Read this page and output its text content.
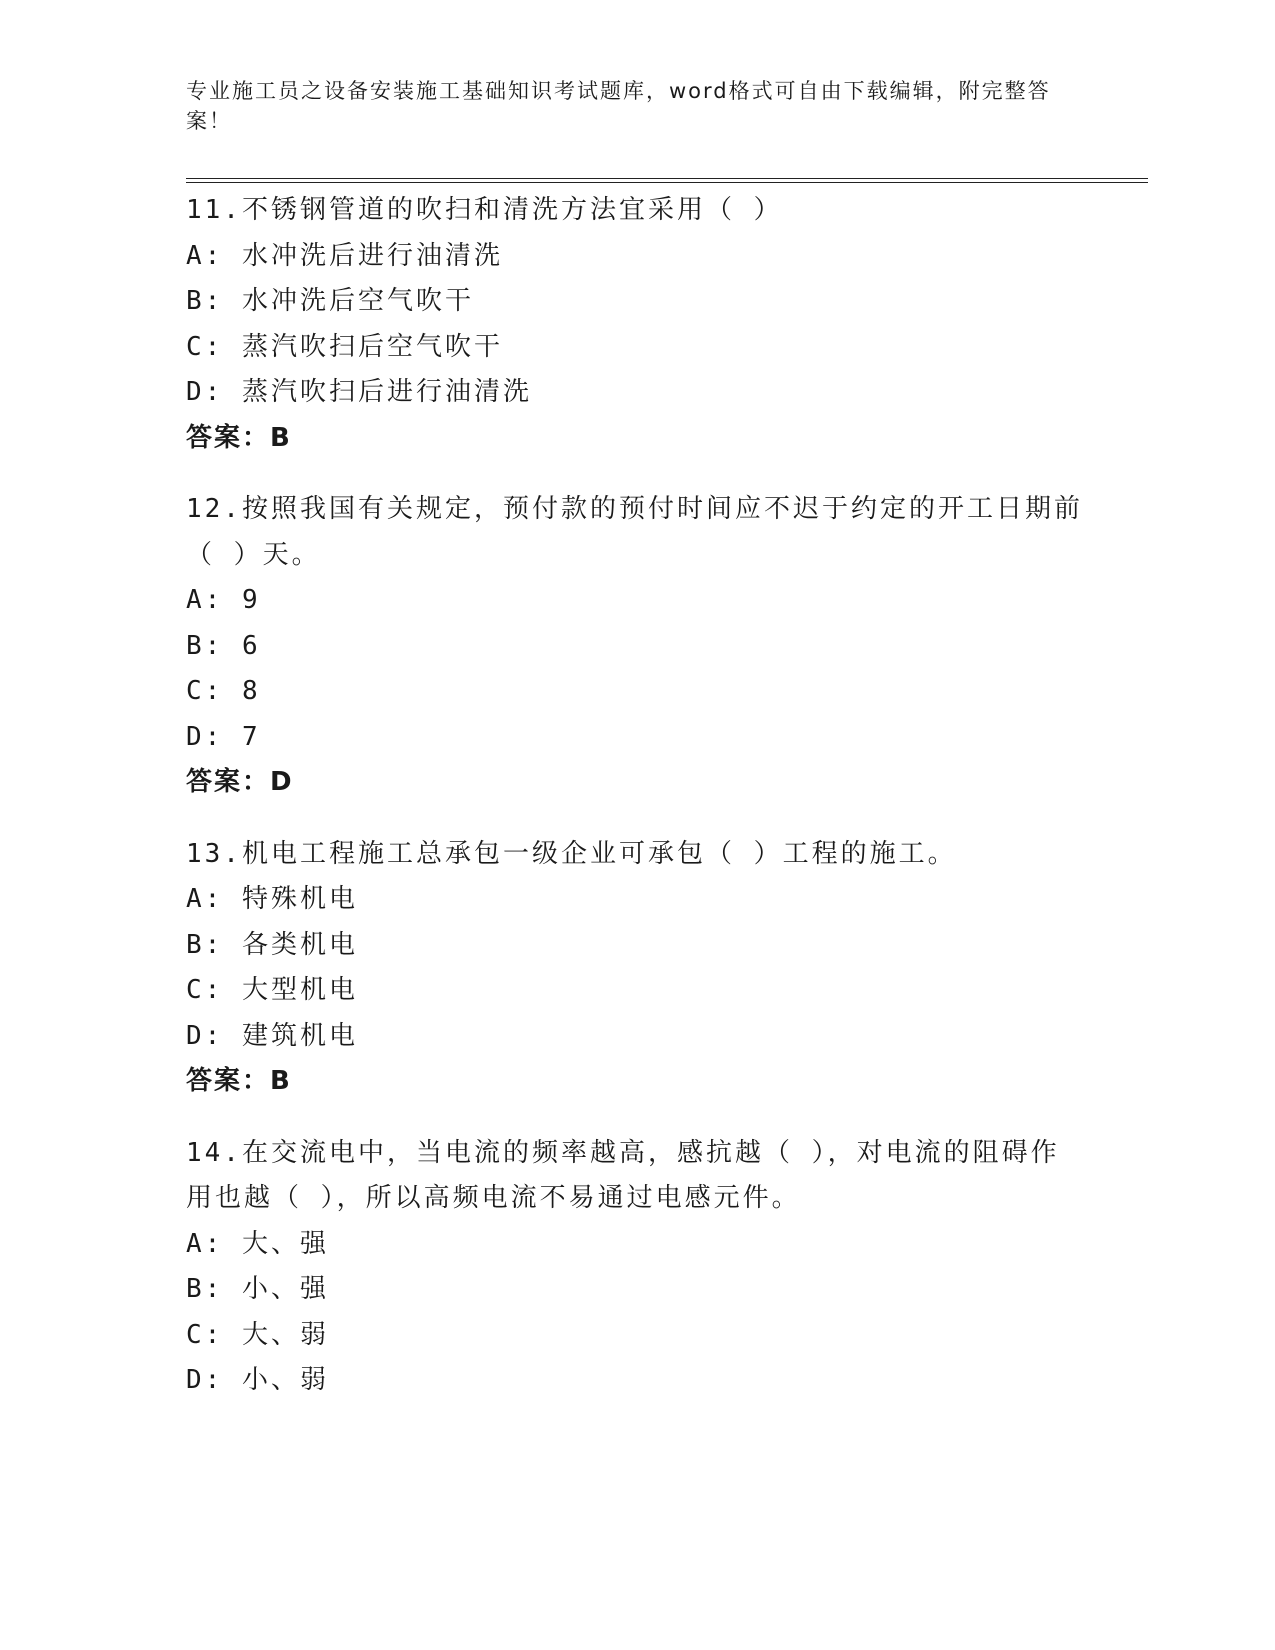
专业施工员之设备安装施工基础知识考试题库，word格式可自由下载编辑，附完整答案！
11.不锈钢管道的吹扫和清洗方法宜采用（ ）
A: 水冲洗后进行油清洗
B: 水冲洗后空气吹干
C: 蒸汽吹扫后空气吹干
D: 蒸汽吹扫后进行油清洗
答案：B
12.按照我国有关规定，预付款的预付时间应不迟于约定的开工日期前
（ ）天。
A: 9
B: 6
C: 8
D: 7
答案：D
13.机电工程施工总承包一级企业可承包（ ）工程的施工。
A: 特殊机电
B: 各类机电
C: 大型机电
D: 建筑机电
答案：B
14.在交流电中，当电流的频率越高，感抗越（ ），对电流的阻碍作
用也越（ ），所以高频电流不易通过电感元件。
A: 大、强
B: 小、强
C: 大、弱
D: 小、弱
